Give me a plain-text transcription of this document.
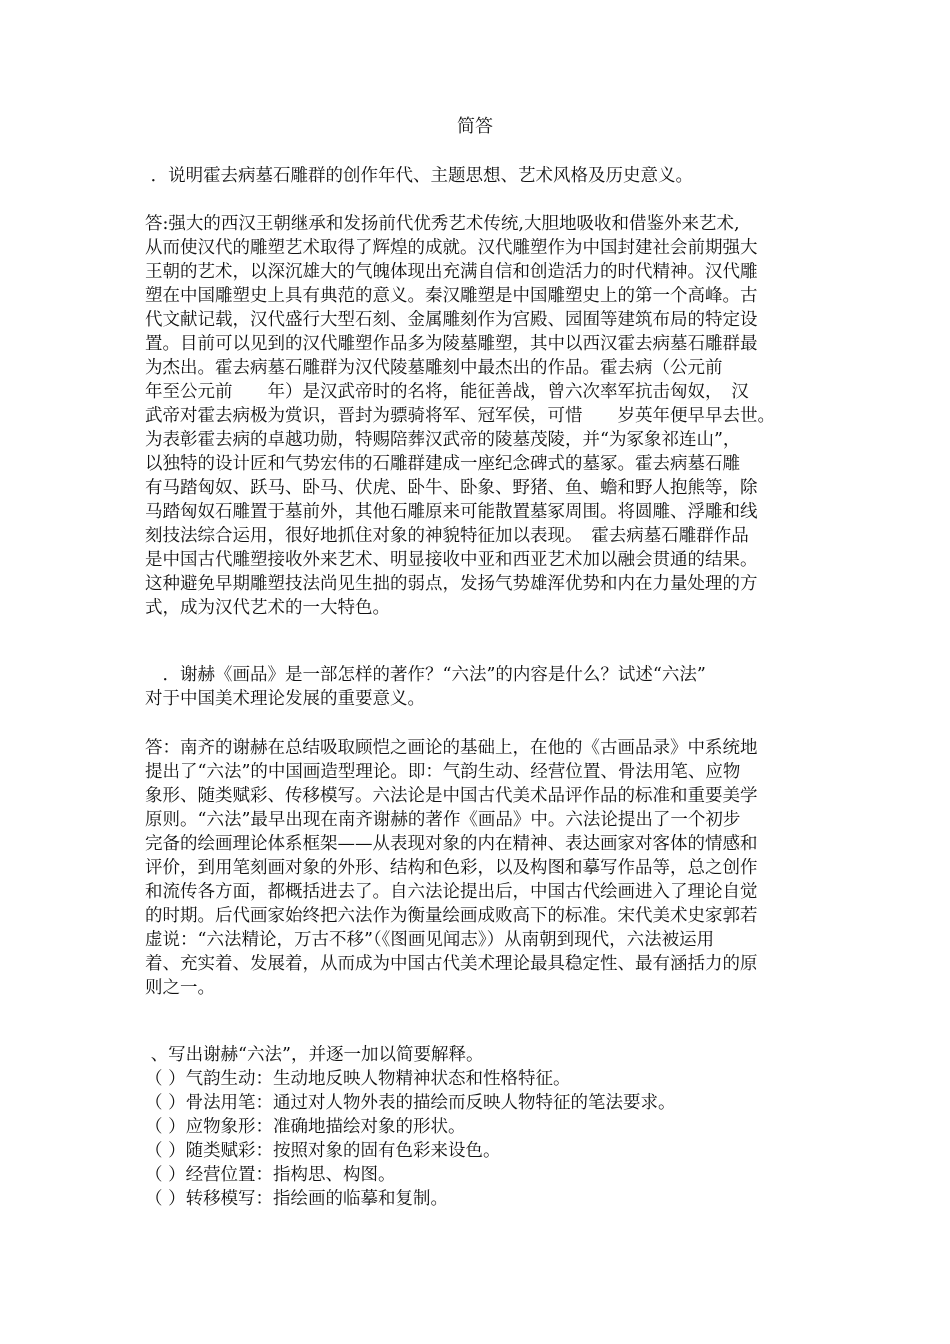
简答
．说明霍去病墓石雕群的创作年代、主题思想、艺术风格及历史意义。
答:强大的西汉王朝继承和发扬前代优秀艺术传统,大胆地吸收和借鉴外来艺术,
从而使汉代的雕塑艺术取得了辉煌的成就。汉代雕塑作为中国封建社会前期强大
王朝的艺术，以深沉雄大的气魄体现出充满自信和创造活力的时代精神。汉代雕
塑在中国雕塑史上具有典范的意义。秦汉雕塑是中国雕塑史上的第一个高峰。古
代文献记载，汉代盛行大型石刻、金属雕刻作为宫殿、园囿等建筑布局的特定设
置。目前可以见到的汉代雕塑作品多为陵墓雕塑，其中以西汉霍去病墓石雕群最
为杰出。霍去病墓石雕群为汉代陵墓雕刻中最杰出的作品。霍去病（公元前
年至公元前　　年）是汉武帝时的名将，能征善战，曾六次率军抗击匈奴，　汉
武帝对霍去病极为赏识，晋封为骠骑将军、冠军侯，可惜　　岁英年便早早去世。
为表彰霍去病的卓越功勋，特赐陪葬汉武帝的陵墓茂陵，并“为冢象祁连山”，
以独特的设计匠和气势宏伟的石雕群建成一座纪念碑式的墓冢。霍去病墓石雕
有马踏匈奴、跃马、卧马、伏虎、卧牛、卧象、野猪、鱼、蟾和野人抱熊等，除
马踏匈奴石雕置于墓前外，其他石雕原来可能散置墓冢周围。将圆雕、浮雕和线
刻技法综合运用，很好地抓住对象的神貌特征加以表现。　霍去病墓石雕群作品
是中国古代雕塑接收外来艺术、明显接收中亚和西亚艺术加以融会贯通的结果。
这种避免早期雕塑技法尚见生拙的弱点，发扬气势雄浑优势和内在力量处理的方
式，成为汉代艺术的一大特色。
　．谢赫《画品》是一部怎样的著作？“六法”的内容是什么？试述“六法”
对于中国美术理论发展的重要意义。
答：南齐的谢赫在总结吸取顾恺之画论的基础上，在他的《古画品录》中系统地
提出了“六法”的中国画造型理论。即：气韵生动、经营位置、骨法用笔、应物
象形、随类赋彩、传移模写。六法论是中国古代美术品评作品的标准和重要美学
原则。“六法”最早出现在南齐谢赫的著作《画品》中。六法论提出了一个初步
完备的绘画理论体系框架——从表现对象的内在精神、表达画家对客体的情感和
评价，到用笔刻画对象的外形、结构和色彩，以及构图和摹写作品等，总之创作
和流传各方面，都概括进去了。自六法论提出后，中国古代绘画进入了理论自觉
的时期。后代画家始终把六法作为衡量绘画成败高下的标准。宋代美术史家郭若
虚说：“六法精论，万古不移”（《图画见闻志》）从南朝到现代，六法被运用
着、充实着、发展着，从而成为中国古代美术理论最具稳定性、最有涵括力的原
则之一。
、写出谢赫“六法”，并逐一加以简要解释。
（ ）气韵生动：生动地反映人物精神状态和性格特征。
（ ）骨法用笔：通过对人物外表的描绘而反映人物特征的笔法要求。
（ ）应物象形：准确地描绘对象的形状。
（ ）随类赋彩：按照对象的固有色彩来设色。
（ ）经营位置：指构思、构图。
（ ）转移模写：指绘画的临摹和复制。
